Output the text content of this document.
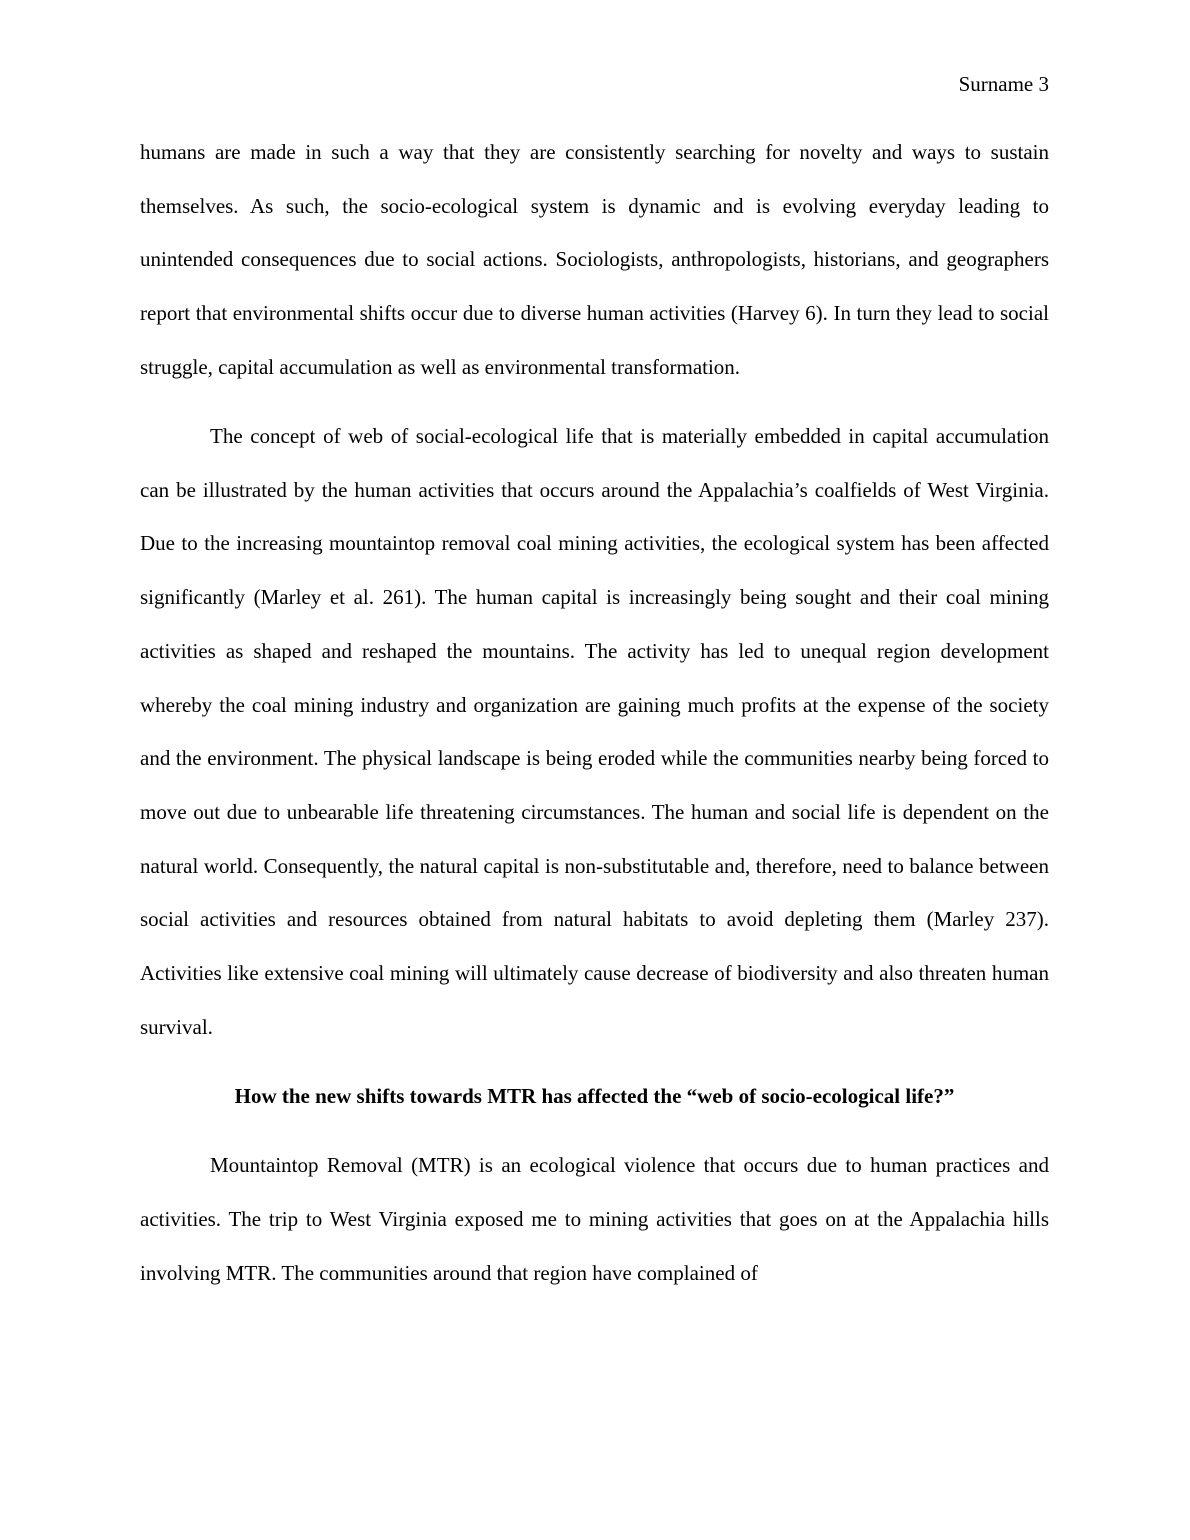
Surname 3

humans are made in such a way that they are consistently searching for novelty and ways to sustain themselves. As such, the socio-ecological system is dynamic and is evolving everyday leading to unintended consequences due to social actions. Sociologists, anthropologists, historians, and geographers report that environmental shifts occur due to diverse human activities (Harvey 6). In turn they lead to social struggle, capital accumulation as well as environmental transformation.

The concept of web of social-ecological life that is materially embedded in capital accumulation can be illustrated by the human activities that occurs around the Appalachia’s coalfields of West Virginia. Due to the increasing mountaintop removal coal mining activities, the ecological system has been affected significantly (Marley et al. 261). The human capital is increasingly being sought and their coal mining activities as shaped and reshaped the mountains. The activity has led to unequal region development whereby the coal mining industry and organization are gaining much profits at the expense of the society and the environment. The physical landscape is being eroded while the communities nearby being forced to move out due to unbearable life threatening circumstances. The human and social life is dependent on the natural world. Consequently, the natural capital is non-substitutable and, therefore, need to balance between social activities and resources obtained from natural habitats to avoid depleting them (Marley 237). Activities like extensive coal mining will ultimately cause decrease of biodiversity and also threaten human survival.

How the new shifts towards MTR has affected the “web of socio-ecological life?”

Mountaintop Removal (MTR) is an ecological violence that occurs due to human practices and activities. The trip to West Virginia exposed me to mining activities that goes on at the Appalachia hills involving MTR. The communities around that region have complained of
